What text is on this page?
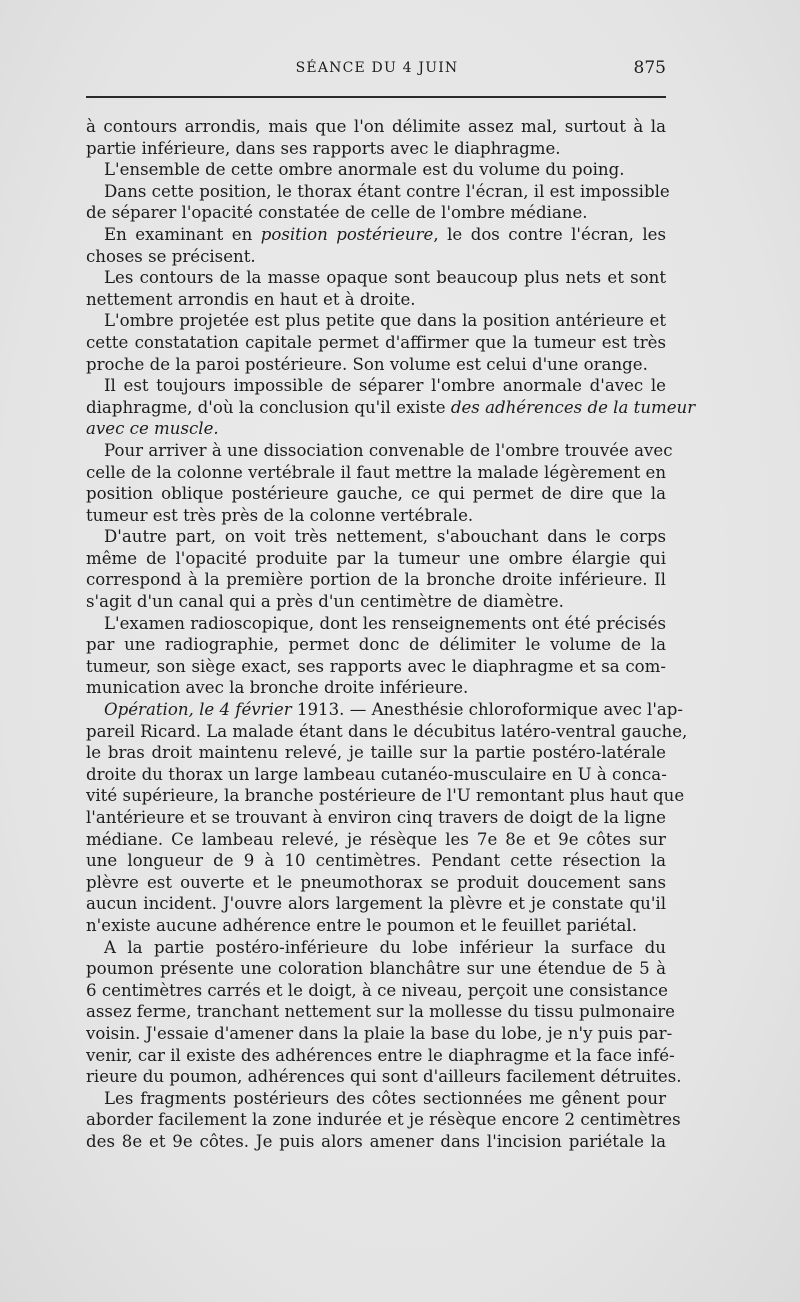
SÉANCE DU 4 JUIN	875
à contours arrondis, mais que l'on délimite assez mal, surtout à la
partie inférieure, dans ses rapports avec le diaphragme.
L'ensemble de cette ombre anormale est du volume du poing.
Dans cette position, le thorax étant contre l'écran, il est impossible
de séparer l'opacité constatée de celle de l'ombre médiane.
En examinant en position postérieure, le dos contre l'écran, les
choses se précisent.
Les contours de la masse opaque sont beaucoup plus nets et sont
nettement arrondis en haut et à droite.
L'ombre projetée est plus petite que dans la position antérieure et
cette constatation capitale permet d'affirmer que la tumeur est très
proche de la paroi postérieure. Son volume est celui d'une orange.
Il est toujours impossible de séparer l'ombre anormale d'avec le
diaphragme, d'où la conclusion qu'il existe des adhérences de la tumeur
avec ce muscle.
Pour arriver à une dissociation convenable de l'ombre trouvée avec
celle de la colonne vertébrale il faut mettre la malade légèrement en
position oblique postérieure gauche, ce qui permet de dire que la
tumeur est très près de la colonne vertébrale.
D'autre part, on voit très nettement, s'abouchant dans le corps
même de l'opacité produite par la tumeur une ombre élargie qui
correspond à la première portion de la bronche droite inférieure. Il
s'agit d'un canal qui a près d'un centimètre de diamètre.
L'examen radioscopique, dont les renseignements ont été précisés
par une radiographie, permet donc de délimiter le volume de la
tumeur, son siège exact, ses rapports avec le diaphragme et sa com-
munication avec la bronche droite inférieure.
Opération, le 4 février 1913. — Anesthésie chloroformique avec l'ap-
pareil Ricard. La malade étant dans le décubitus latéro-ventral gauche,
le bras droit maintenu relevé, je taille sur la partie postéro-latérale
droite du thorax un large lambeau cutanéo-musculaire en U à conca-
vité supérieure, la branche postérieure de l'U remontant plus haut que
l'antérieure et se trouvant à environ cinq travers de doigt de la ligne
médiane. Ce lambeau relevé, je résèque les 7e 8e et 9e côtes sur
une longueur de 9 à 10 centimètres. Pendant cette résection la
plèvre est ouverte et le pneumothorax se produit doucement sans
aucun incident. J'ouvre alors largement la plèvre et je constate qu'il
n'existe aucune adhérence entre le poumon et le feuillet pariétal.
A la partie postéro-inférieure du lobe inférieur la surface du
poumon présente une coloration blanchâtre sur une étendue de 5 à
6 centimètres carrés et le doigt, à ce niveau, perçoit une consistance
assez ferme, tranchant nettement sur la mollesse du tissu pulmonaire
voisin. J'essaie d'amener dans la plaie la base du lobe, je n'y puis par-
venir, car il existe des adhérences entre le diaphragme et la face infé-
rieure du poumon, adhérences qui sont d'ailleurs facilement détruites.
Les fragments postérieurs des côtes sectionnées me gênent pour
aborder facilement la zone indurée et je résèque encore 2 centimètres
des 8e et 9e côtes. Je puis alors amener dans l'incision pariétale la
